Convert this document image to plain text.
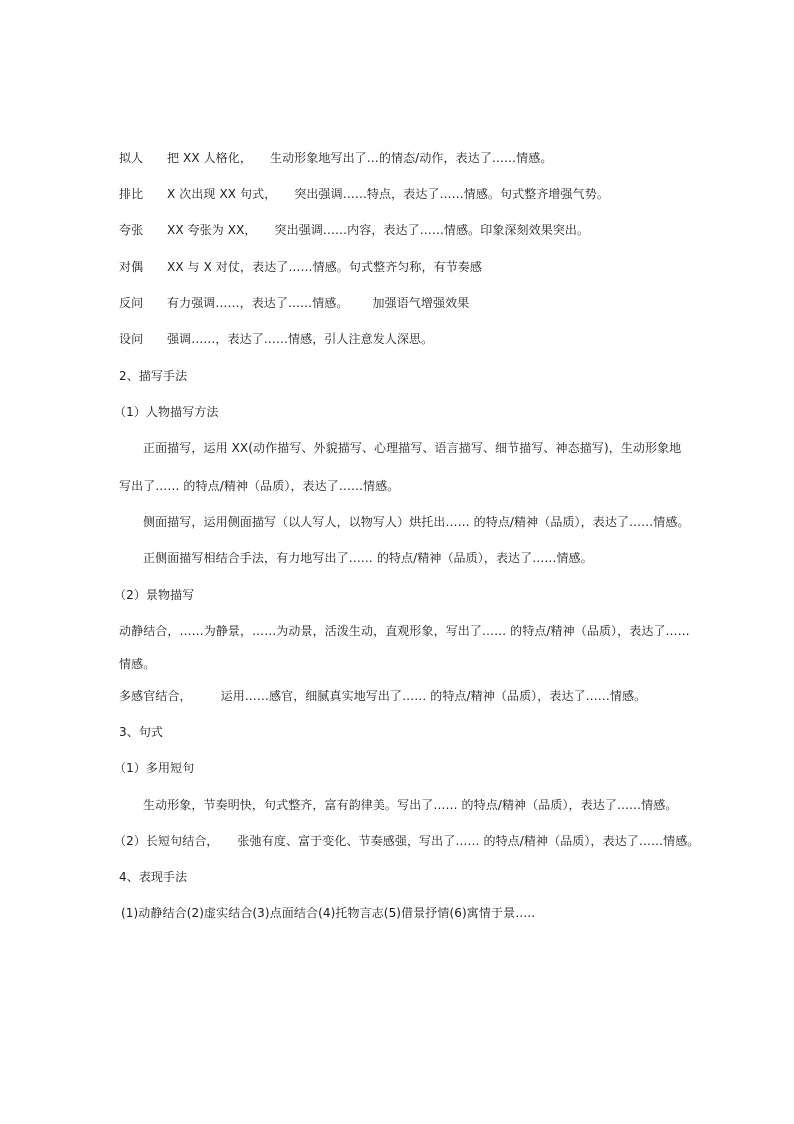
拟人 把 XX 人格化， 生动形象地写出了…的情态/动作，表达了……情感。
排比 X 次出现 XX 句式， 突出强调……特点，表达了……情感。句式整齐增强气势。
夸张 XX 夸张为 XX， 突出强调……内容，表达了……情感。印象深刻效果突出。
对偶 XX 与 X 对仗，表达了……情感。句式整齐匀称，有节奏感
反问 有力强调……，表达了……情感。 加强语气增强效果
设问 强调……，表达了……情感，引人注意发人深思。
2、描写手法
（1）人物描写方法
正面描写，运用 XX(动作描写、外貌描写、心理描写、语言描写、细节描写、神态描写)，生动形象地
写出了…… 的特点/精神（品质），表达了……情感。
侧面描写，运用侧面描写（以人写人，以物写人）烘托出…… 的特点/精神（品质），表达了……情感。
正侧面描写相结合手法，有力地写出了…… 的特点/精神（品质），表达了……情感。
（2）景物描写
动静结合，……为静景，……为动景，活泼生动，直观形象，写出了…… 的特点/精神（品质），表达了……
情感。
多感官结合， 运用……感官，细腻真实地写出了…… 的特点/精神（品质），表达了……情感。
3、句式
（1）多用短句
生动形象，节奏明快，句式整齐，富有韵律美。写出了…… 的特点/精神（品质），表达了……情感。
（2）长短句结合， 张弛有度、富于变化、节奏感强，写出了…… 的特点/精神（品质），表达了……情感。
4、表现手法
(1)动静结合(2)虚实结合(3)点面结合(4)托物言志(5)借景抒情(6)寓情于景…..
